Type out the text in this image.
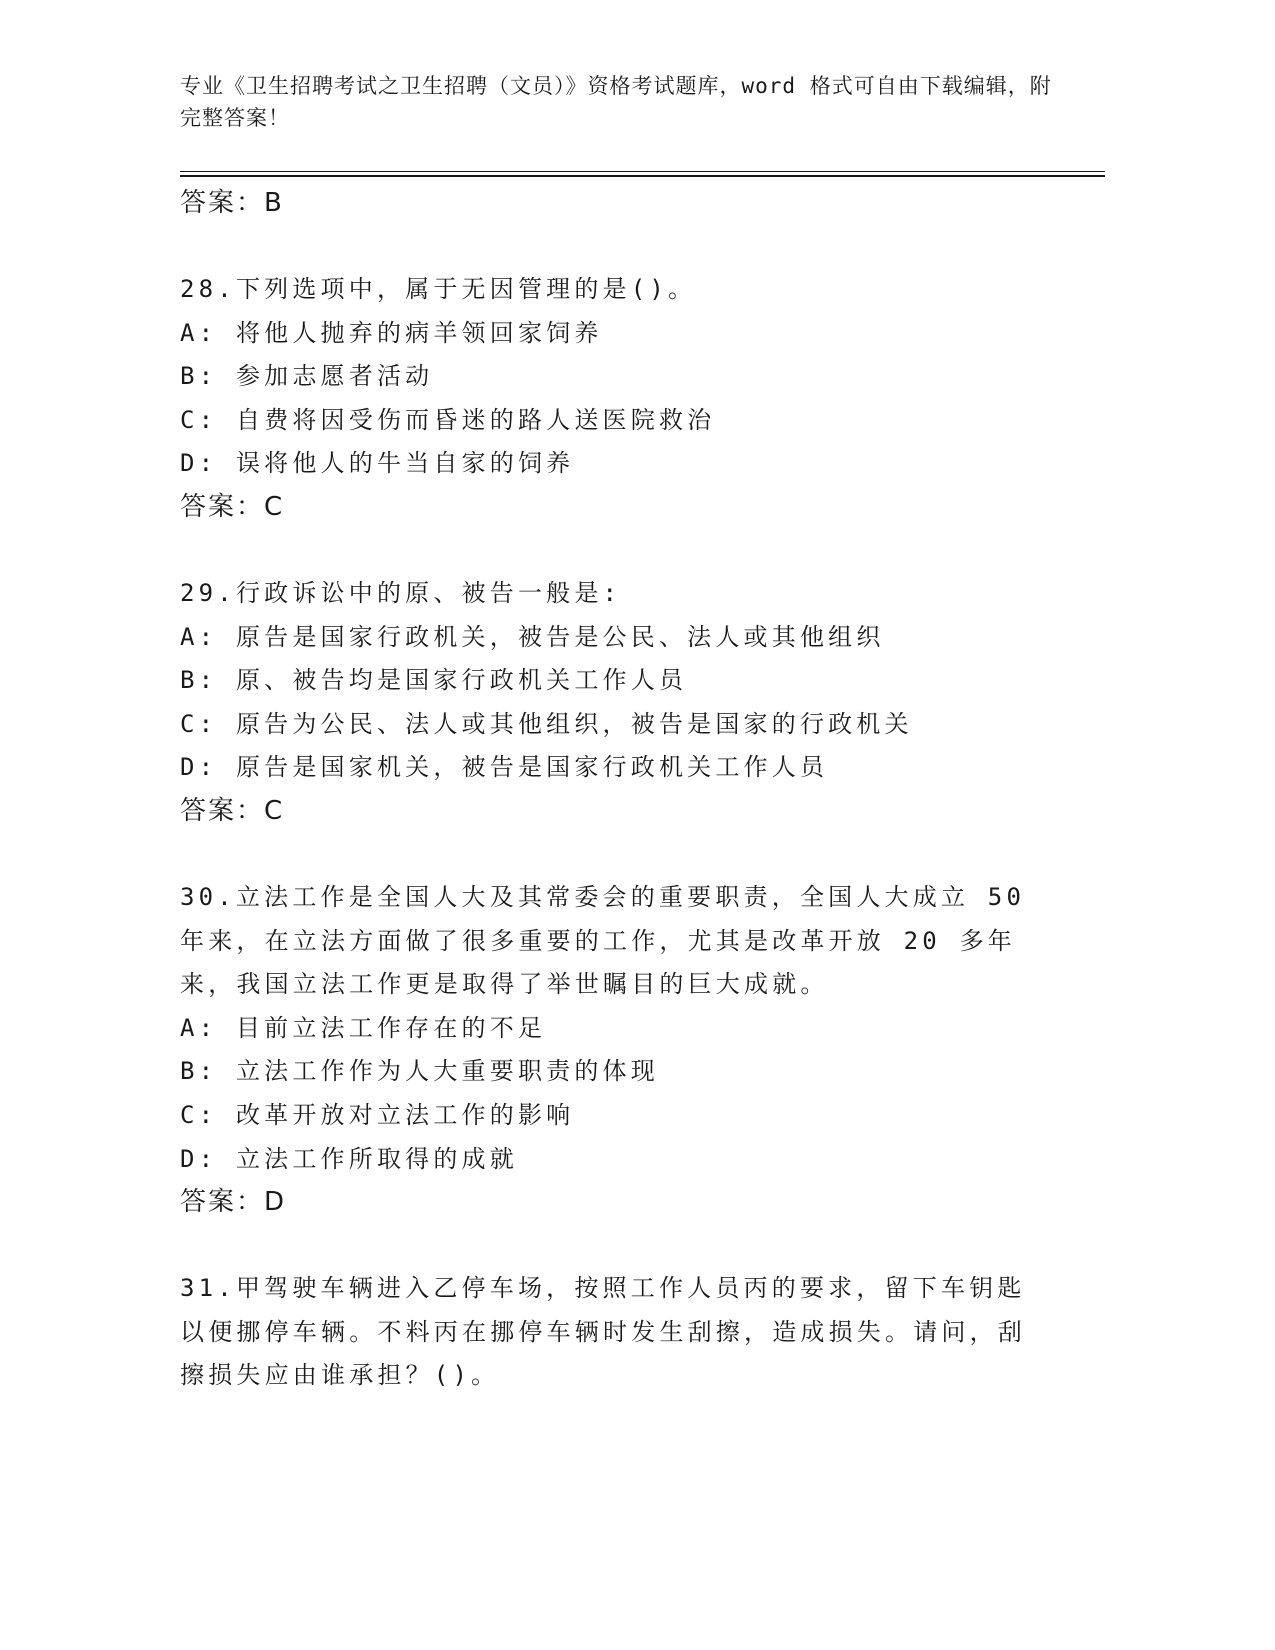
专业《卫生招聘考试之卫生招聘（文员）》资格考试题库，word 格式可自由下载编辑，附完整答案！
答案：B
28.下列选项中，属于无因管理的是()。
A: 将他人抛弃的病羊领回家饲养
B: 参加志愿者活动
C: 自费将因受伤而昏迷的路人送医院救治
D: 误将他人的牛当自家的饲养
答案：C
29.行政诉讼中的原、被告一般是:
A: 原告是国家行政机关，被告是公民、法人或其他组织
B: 原、被告均是国家行政机关工作人员
C: 原告为公民、法人或其他组织，被告是国家的行政机关
D: 原告是国家机关，被告是国家行政机关工作人员
答案：C
30.立法工作是全国人大及其常委会的重要职责，全国人大成立 50 年来，在立法方面做了很多重要的工作，尤其是改革开放 20 多年来，我国立法工作更是取得了举世瞩目的巨大成就。
A: 目前立法工作存在的不足
B: 立法工作作为人大重要职责的体现
C: 改革开放对立法工作的影响
D: 立法工作所取得的成就
答案：D
31.甲驾驶车辆进入乙停车场，按照工作人员丙的要求，留下车钥匙以便挪停车辆。不料丙在挪停车辆时发生刮擦，造成损失。请问，刮擦损失应由谁承担？()。
